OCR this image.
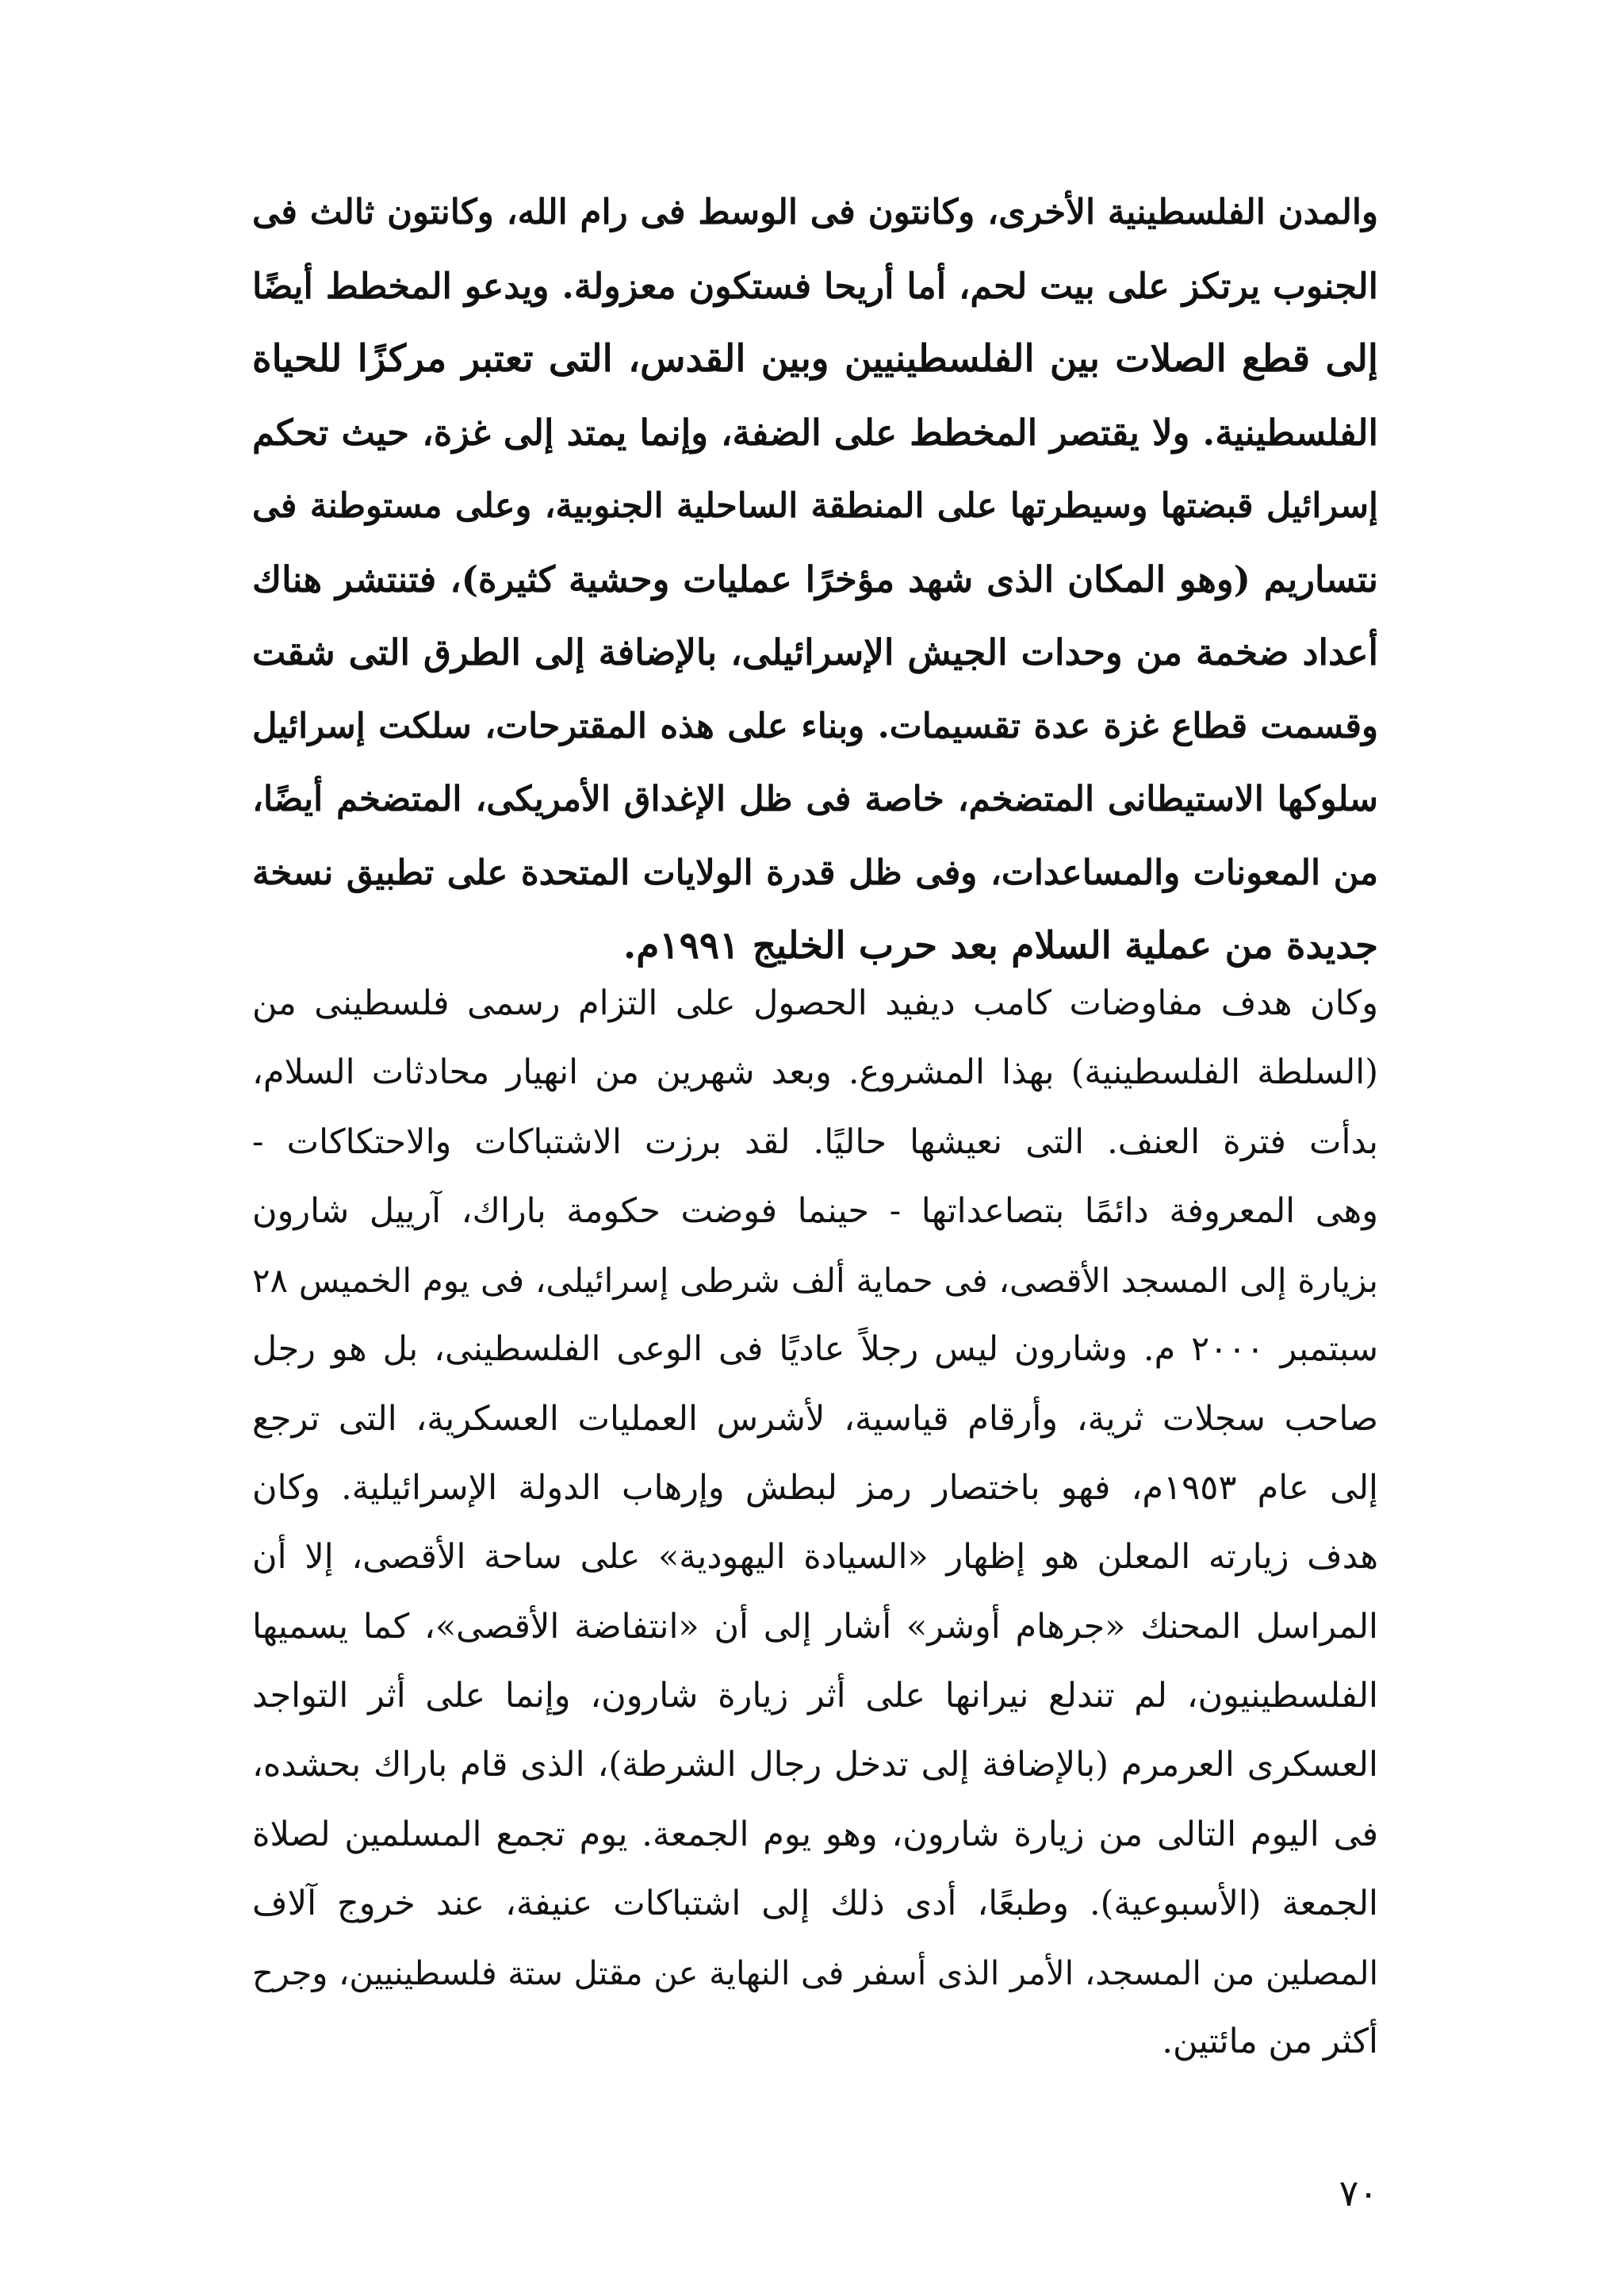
والمدن الفلسطينية الأخرى، وكانتون فى الوسط فى رام الله، وكانتون ثالث فى
الجنوب يرتكز على بيت لحم، أما أريحا فستكون معزولة. ويدعو المخطط أيضًا
إلى قطع الصلات بين الفلسطينيين وبين القدس، التى تعتبر مركزًا للحياة
الفلسطينية. ولا يقتصر المخطط على الضفة، وإنما يمتد إلى غزة، حيث تحكم
إسرائيل قبضتها وسيطرتها على المنطقة الساحلية الجنوبية، وعلى مستوطنة فى
نتساريم (وهو المكان الذى شهد مؤخرًا عمليات وحشية كثيرة)، فتنتشر هناك
أعداد ضخمة من وحدات الجيش الإسرائيلى، بالإضافة إلى الطرق التى شقت
وقسمت قطاع غزة عدة تقسيمات. وبناء على هذه المقترحات، سلكت إسرائيل
سلوكها الاستيطانى المتضخم، خاصة فى ظل الإغداق الأمريكى، المتضخم أيضًا،
من المعونات والمساعدات، وفى ظل قدرة الولايات المتحدة على تطبيق نسخة
جديدة من عملية السلام بعد حرب الخليج ١٩٩١م.
وكان هدف مفاوضات كامب ديفيد الحصول على التزام رسمى فلسطينى من
(السلطة الفلسطينية) بهذا المشروع. وبعد شهرين من انهيار محادثات السلام،
بدأت فترة العنف. التى نعيشها حاليًا. لقد برزت الاشتباكات والاحتكاكات -
وهى المعروفة دائمًا بتصاعداتها - حينما فوضت حكومة باراك، آرييل شارون
بزيارة إلى المسجد الأقصى، فى حماية ألف شرطى إسرائيلى، فى يوم الخميس ٢٨
سبتمبر ٢٠٠٠ م. وشارون ليس رجلاً عاديًا فى الوعى الفلسطينى، بل هو رجل
صاحب سجلات ثرية، وأرقام قياسية، لأشرس العمليات العسكرية، التى ترجع
إلى عام ١٩٥٣م، فهو باختصار رمز لبطش وإرهاب الدولة الإسرائيلية. وكان
هدف زيارته المعلن هو إظهار «السيادة اليهودية» على ساحة الأقصى، إلا أن
المراسل المحنك «جرهام أوشر» أشار إلى أن «انتفاضة الأقصى»، كما يسميها
الفلسطينيون، لم تندلع نيرانها على أثر زيارة شارون، وإنما على أثر التواجد
العسكرى العرمرم (بالإضافة إلى تدخل رجال الشرطة)، الذى قام باراك بحشده،
فى اليوم التالى من زيارة شارون، وهو يوم الجمعة. يوم تجمع المسلمين لصلاة
الجمعة (الأسبوعية). وطبعًا، أدى ذلك إلى اشتباكات عنيفة، عند خروج آلاف
المصلين من المسجد، الأمر الذى أسفر فى النهاية عن مقتل ستة فلسطينيين، وجرح
أكثر من مائتين.
٧٠
